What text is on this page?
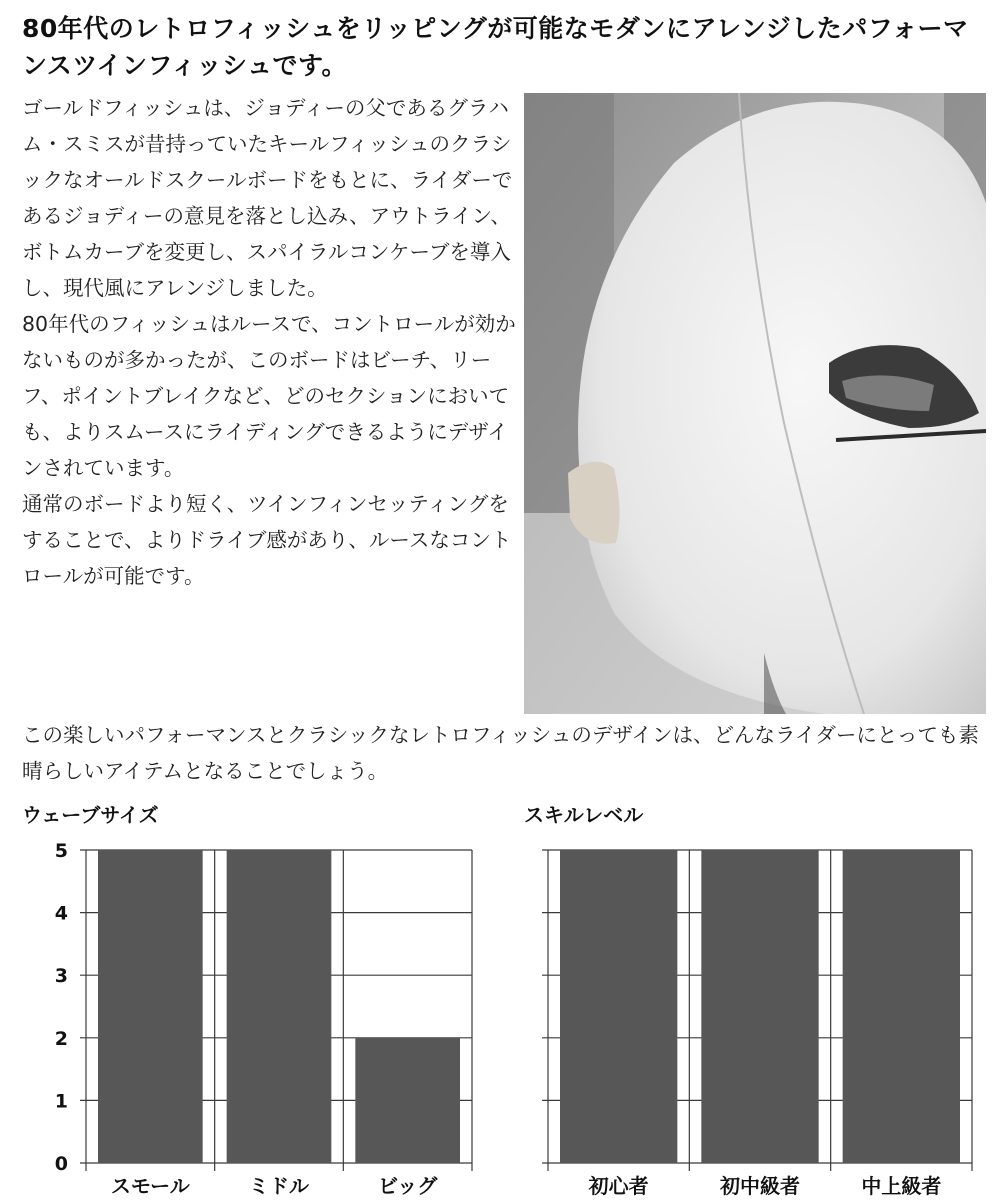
80年代のレトロフィッシュをリッピングが可能なモダンにアレンジしたパフォーマンスツインフィッシュです。

ゴールドフィッシュは、ジョディーの父であるグラハム・スミスが昔持っていたキールフィッシュのクラシックなオールドスクールボードをもとに、ライダーであるジョディーの意見を落とし込み、アウトライン、ボトムカーブを変更し、スパイラルコンケーブを導入し、現代風にアレンジしました。

80年代のフィッシュはルースで、コントロールが効かないものが多かったが、このボードはビーチ、リーフ、ポイントブレイクなど、どのセクションにおいても、よりスムースにライディングできるようにデザインされています。

通常のボードより短く、ツインフィンセッティングをすることで、よりドライブ感があり、ルースなコントロールが可能です。

この楽しいパフォーマンスとクラシックなレトロフィッシュのデザインは、どんなライダーにとっても素晴らしいアイテムとなることでしょう。

ウェーブサイズ	スキルレベル
0
1
2
3
4
5
スモール	ミドル	ビッグ	初心者	初中級者	中上級者
